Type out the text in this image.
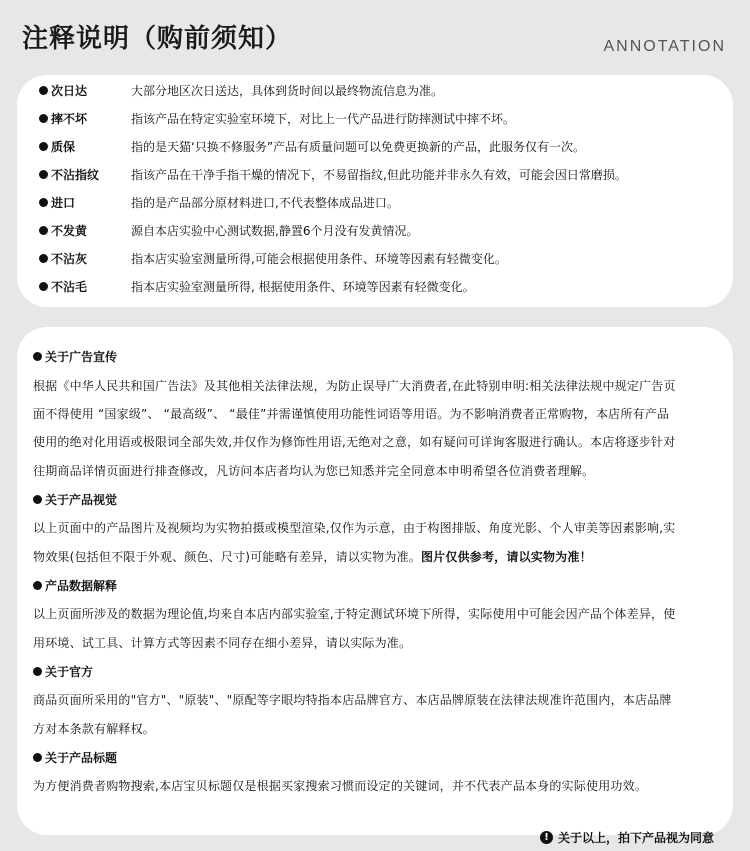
注释说明（购前须知）	ANNOTATION
次日达	大部分地区次日送达，具体到货时间以最终物流信息为准。
摔不坏	指该产品在特定实验室环境下，对比上一代产品进行防摔测试中摔不坏。
质保	指的是天猫‘只换不修服务”产品有质量问题可以免费更换新的产品，此服务仅有一次。
不沾指纹	指该产品在干净手指干燥的情况下，不易留指纹,但此功能并非永久有效，可能会因日常磨损。
进口	指的是产品部分原材料进口,不代表整体成品进口。
不发黄	源自本店实验中心测试数据,静置6个月没有发黄情况。
不沾灰	指本店实验室测量所得,可能会根据使用条件、环境等因素有轻微变化。
不沾毛	指本店实验室测量所得, 根据使用条件、环境等因素有轻微变化。
关于广告宣传
根据《中华人民共和国广告法》及其他相关法律法规，为防止误导广大消费者,在此特别申明:相关法律法规中规定广告页
面不得使用 “国家级”、 “最高级”、 “最佳”并需谨慎使用功能性词语等用语。为不影响消费者正常购物，本店所有产品
使用的绝对化用语或极限词全部失效,并仅作为修饰性用语,无绝对之意，如有疑问可详询客服进行确认。本店将逐步针对
往期商品详情页面进行排查修改，凡访问本店者均认为您已知悉并完全同意本申明希望各位消费者理解。
关于产品视觉
以上页面中的产品图片及视频均为实物拍摄或模型渲染,仅作为示意，由于构图排版、角度光影、个人审美等因素影响,实
物效果(包括但不限于外观、颜色、尺寸)可能略有差异，请以实物为准。图片仅供参考，请以实物为准！
产品数据解释
以上页面所涉及的数据为理论值,均来自本店内部实验室,于特定测试环境下所得，实际使用中可能会因产品个体差异，使
用环境、试工具、计算方式等因素不同存在细小差异，请以实际为准。
关于官方
商品页面所采用的"官方"、"原装"、"原配等字眼均特指本店品牌官方、本店品牌原装在法律法规准许范围内，本店品牌
方对本条款有解释权。
关于产品标题
为方便消费者购物搜索,本店宝贝标题仅是根据买家搜索习惯而设定的关键词，并不代表产品本身的实际使用功效。
! 关于以上，拍下产品视为同意
